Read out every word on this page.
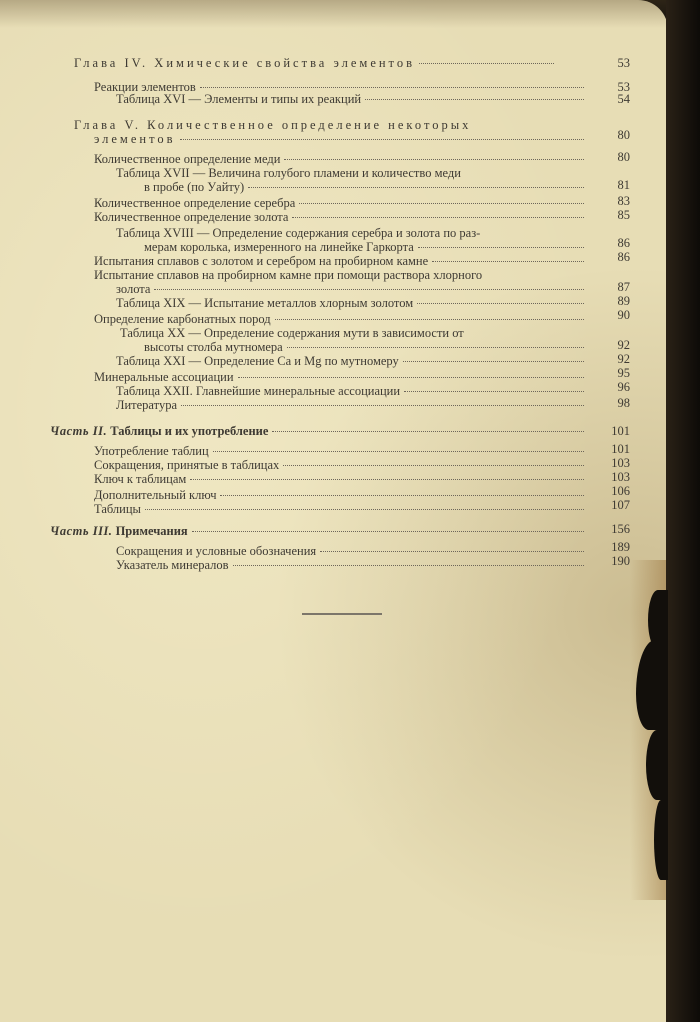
Глава IV. Химические свойства элементов	53
Реакции элементов	53
Таблица XVI — Элементы и типы их реакций	54
Глава V. Количественное определение некоторых
элементов	80
Количественное определение меди	80
Таблица XVII — Величина голубого пламени и количество меди
в пробе (по Уайту)	81
Количественное определение серебра	83
Количественное определение золота	85
Таблица XVIII — Определение содержания серебра и золота по раз-
мерам королька, измеренного на линейке Гаркорта	86
Испытания сплавов с золотом и серебром на пробирном камне	86
Испытание сплавов на пробирном камне при помощи раствора хлорного
золота	87
Таблица XIX — Испытание металлов хлорным золотом	89
Определение карбонатных пород	90
Таблица XX — Определение содержания мути в зависимости от
высоты столба мутномера	92
Таблица XXI — Определение Ca и Mg по мутномеру	92
Минеральные ассоциации	95
Таблица XXII. Главнейшие минеральные ассоциации	96
Литература	98
Часть II. Таблицы и их употребление	101
Употребление таблиц	101
Сокращения, принятые в таблицах	103
Ключ к таблицам	103
Дополнительный ключ	106
Таблицы	107
Часть III. Примечания	156
Сокращения и условные обозначения	189
Указатель минералов	190
